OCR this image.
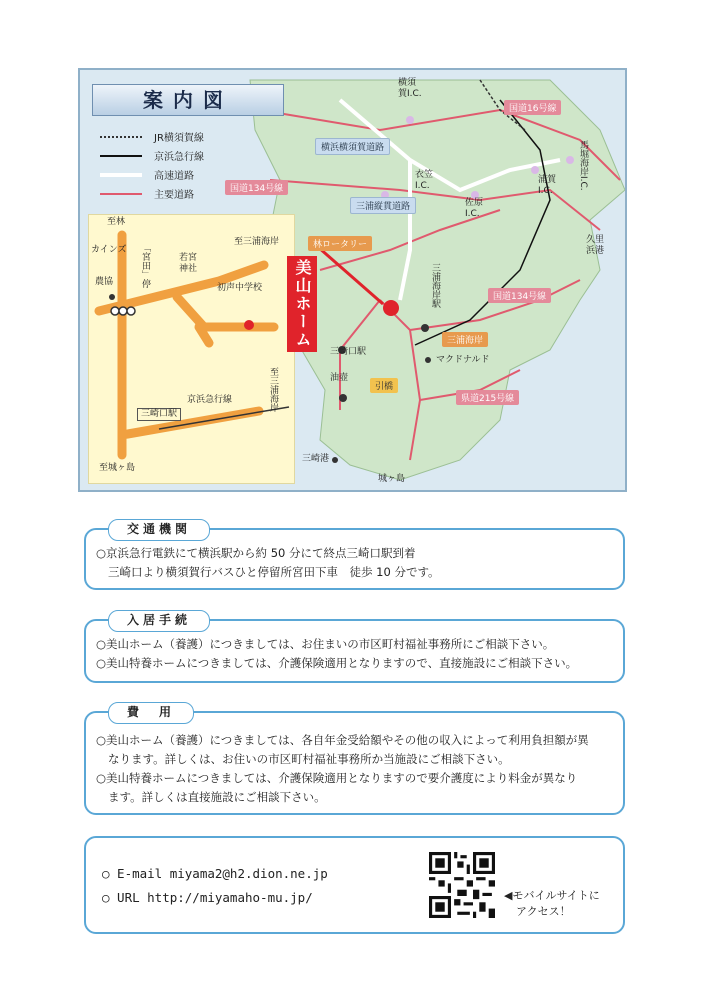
案内図
JR横須賀線
京浜急行線
高速道路
主要道路
横須賀I.C.
衣笠I.C.
佐原I.C.
浦賀I.C.
馬堀海岸I.C.
久里浜港
三浦海岸駅
三崎口駅
マクドナルド
油壺
三崎港
城ヶ島
国道16号線
横浜横須賀道路
国道134号線
三浦縦貫道路
林ロータリー
国道134号線
三浦海岸
県道215号線
引橋
至林
カインズ
農協	「宮田」停	若宮神社
至三浦海岸
初声中学校
京浜急行線
三崎口駅
至三浦海岸
至城ヶ島
美山ホーム
交通機関
○京浜急行電鉄にて横浜駅から約 50 分にて終点三崎口駅到着
三崎口より横須賀行バスひと停留所宮田下車　徒歩 10 分です。
入居手続
○美山ホーム（養護）につきましては、お住まいの市区町村福祉事務所にご相談下さい。
○美山特養ホームにつきましては、介護保険適用となりますので、直接施設にご相談下さい。
費　用
○美山ホーム（養護）につきましては、各自年金受給額やその他の収入によって利用負担額が異
なります。詳しくは、お住いの市区町村福祉事務所か当施設にご相談下さい。
○美山特養ホームにつきましては、介護保険適用となりますので要介護度により料金が異なり
ます。詳しくは直接施設にご相談下さい。
○ E-mail miyama2@h2.dion.ne.jp
○ URL http://miyamaho-mu.jp/	◀モバイルサイトに
アクセス！
